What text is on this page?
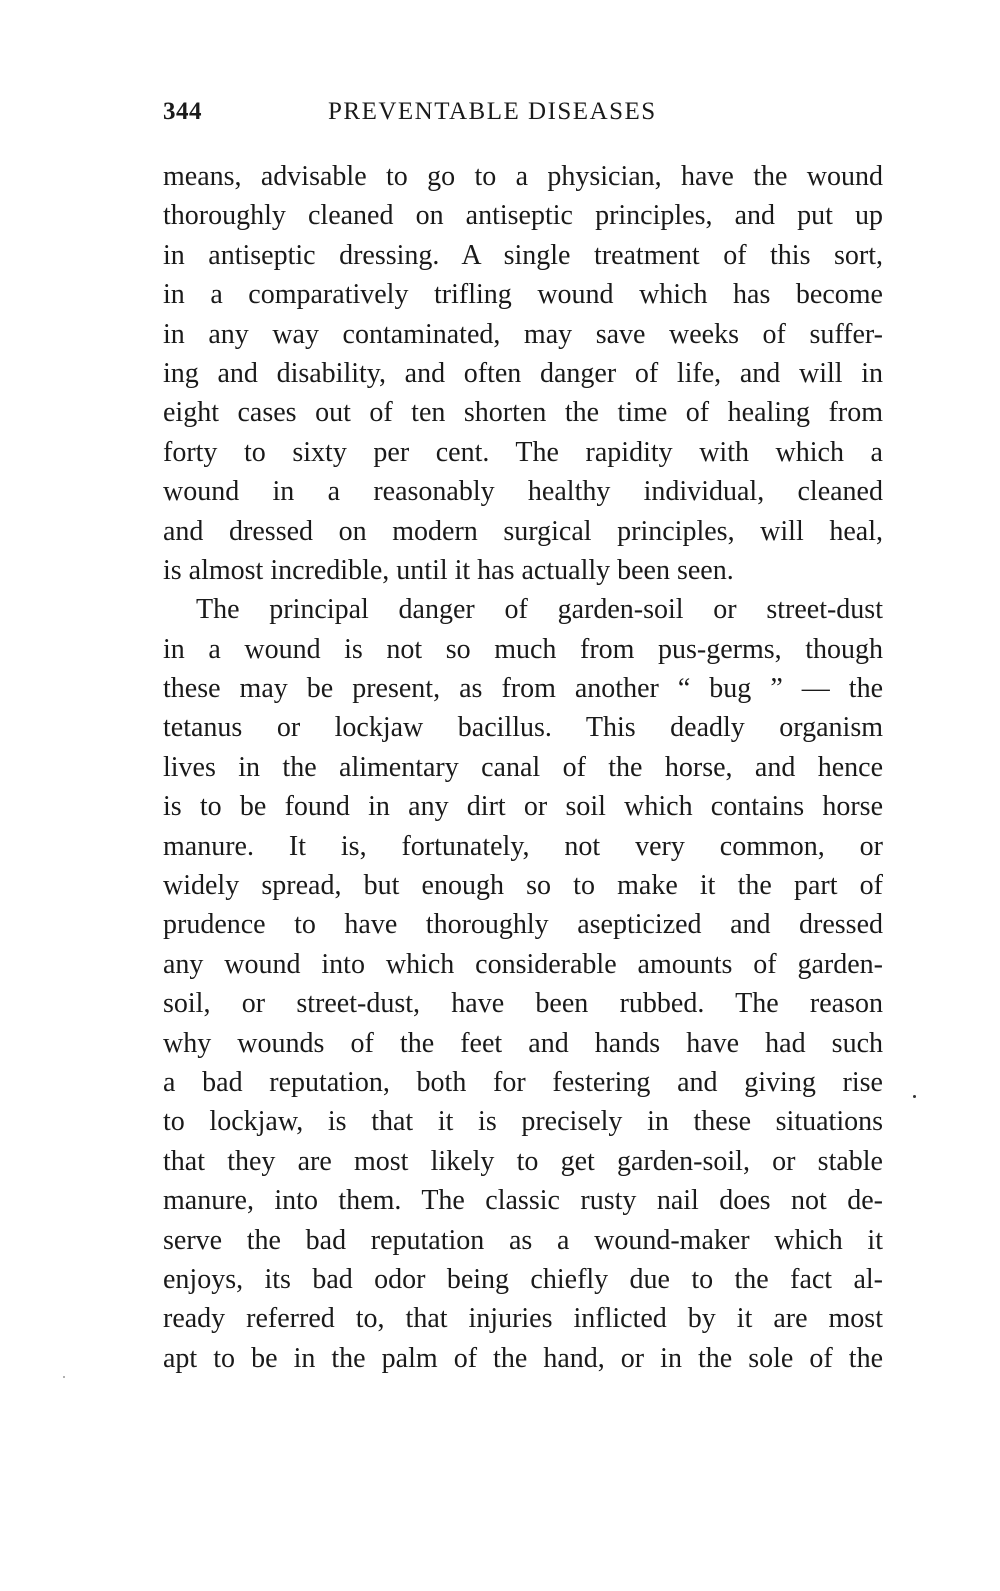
344	PREVENTABLE DISEASES
means, advisable to go to a physician, have the wound
thoroughly cleaned on antiseptic principles, and put up
in antiseptic dressing. A single treatment of this sort,
in a comparatively trifling wound which has become
in any way contaminated, may save weeks of suffer-
ing and disability, and often danger of life, and will in
eight cases out of ten shorten the time of healing from
forty to sixty per cent. The rapidity with which a
wound in a reasonably healthy individual, cleaned
and dressed on modern surgical principles, will heal,
is almost incredible, until it has actually been seen.
The principal danger of garden-soil or street-dust
in a wound is not so much from pus-germs, though
these may be present, as from another “ bug ” — the
tetanus or lockjaw bacillus. This deadly organism
lives in the alimentary canal of the horse, and hence
is to be found in any dirt or soil which contains horse
manure. It is, fortunately, not very common, or
widely spread, but enough so to make it the part of
prudence to have thoroughly asepticized and dressed
any wound into which considerable amounts of garden-
soil, or street-dust, have been rubbed. The reason
why wounds of the feet and hands have had such
a bad reputation, both for festering and giving rise
to lockjaw, is that it is precisely in these situations
that they are most likely to get garden-soil, or stable
manure, into them. The classic rusty nail does not de-
serve the bad reputation as a wound-maker which it
enjoys, its bad odor being chiefly due to the fact al-
ready referred to, that injuries inflicted by it are most
apt to be in the palm of the hand, or in the sole of the
